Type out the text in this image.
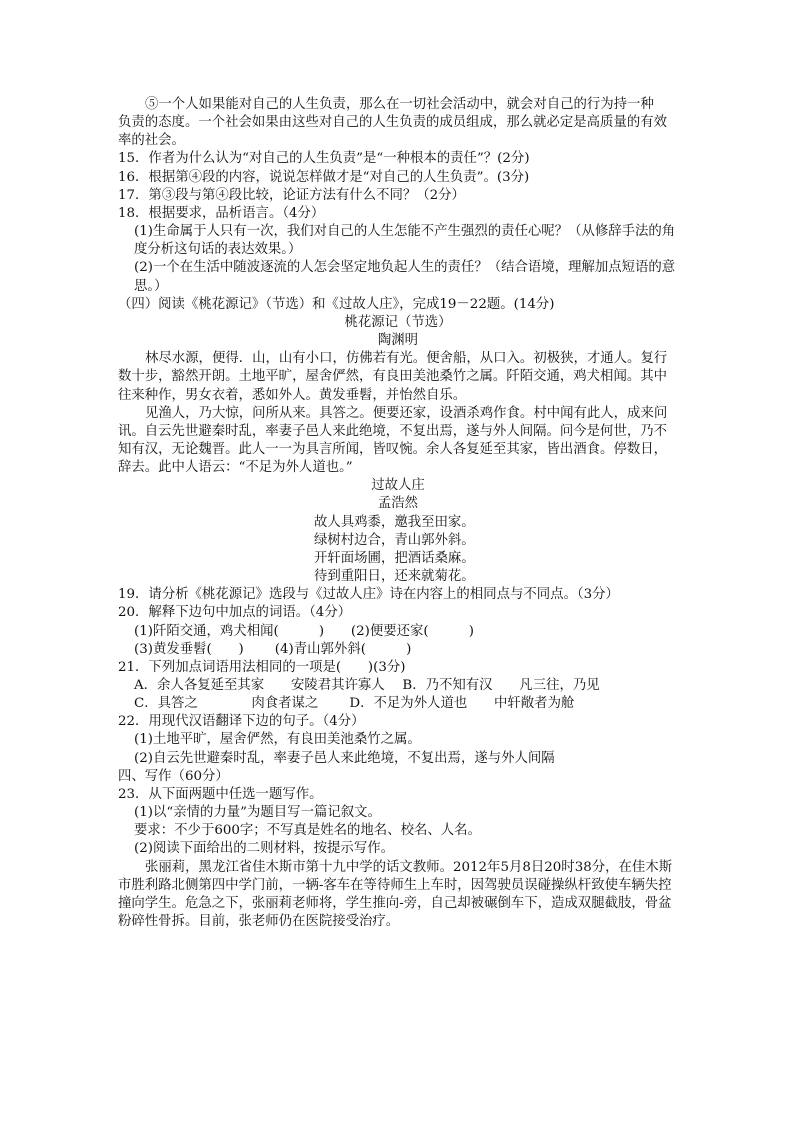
⑤一个人如果能对自己的人生负责，那么在一切社会活动中，就会对自己的行为持一种

负责的态度。一个社会如果由这些对自己的人生负责的成员组成，那么就必定是高质量的有效率的社会。

15．作者为什么认为“对自己的人生负责”是“一种根本的责任”？(2分)

16．根据第④段的内容，说说怎样做才是“对自己的人生负责”。(3分)

17．第③段与第④段比较，论证方法有什么不同？（2分）

18．根据要求，品析语言。（4分）

(1)生命属于人只有一次，我们对自己的人生怎能不产生强烈的责任心呢？（从修辞手法的角度分析这句话的表达效果。）

(2)一个在生活中随波逐流的人怎会坚定地负起人生的责任？（结合语境，理解加点短语的意思。）

（四）阅读《桃花源记》（节选）和《过故人庄》，完成19－22题。(14分)

桃花源记（节选）

陶渊明

林尽水源，便得．山，山有小口，仿佛若有光。便舍船，从口入。初极狭，才通人。复行数十步，豁然开朗。土地平旷，屋舍俨然，有良田美池桑竹之属。阡陌交通，鸡犬相闻。其中往来种作，男女衣着，悉如外人。黄发垂髫，并怡然自乐。

见渔人，乃大惊，问所从来。具答之。便要还家，设酒杀鸡作食。村中闻有此人，成来问讯。自云先世避秦时乱，率妻子邑人来此绝境，不复出焉，遂与外人间隔。问今是何世，乃不知有汉，无论魏晋。此人一一为具言所闻，皆叹惋。余人各复延至其家，皆出酒食。停数日，辞去。此中人语云：“不足为外人道也。”

过故人庄

孟浩然

故人具鸡黍，邀我至田家。

绿树村边合，青山郭外斜。

开轩面场圃，把酒话桑麻。

待到重阳日，还来就菊花。

19．请分析《桃花源记》选段与《过故人庄》诗在内容上的相同点与不同点。（3分）

20．解释下边句中加点的词语。（4分）

(1)阡陌交通，鸡犬相闻(　　　)　　(2)便要还家(　　　)

(3)黄发垂髫(　　)　　 (4)青山郭外斜(　　　)

21．下列加点词语用法相同的一项是(　　)(3分)

A．余人各复延至其家　　安陵君其许寡人　 B．乃不知有汉　　凡三往，乃见

C．具答之　　　　肉食者谋之　　 D．不足为外人道也　　中轩敞者为舱

22．用现代汉语翻译下边的句子。（4分）

(1)土地平旷，屋舍俨然，有良田美池桑竹之属。

(2)自云先世避秦时乱，率妻子邑人来此绝境，不复出焉，遂与外人间隔

四、写作（60分）

23．从下面两题中任选一题写作。

(1)以“亲情的力量”为题目写一篇记叙文。

要求：不少于600字；不写真是姓名的地名、校名、人名。

(2)阅读下面给出的二则材料，按提示写作。

张丽莉，黑龙江省佳木斯市第十九中学的话文教师。2012年5月8日20时38分，在佳木斯市胜利路北侧第四中学门前，一辆-客车在等待师生上车时，因驾驶员误碰操纵杆致使车辆失控撞向学生。危急之下，张丽莉老师将，学生推向-旁，自己却被碾倒车下，造成双腿截肢，骨盆粉碎性骨拆。目前，张老师仍在医院接受治疗。
